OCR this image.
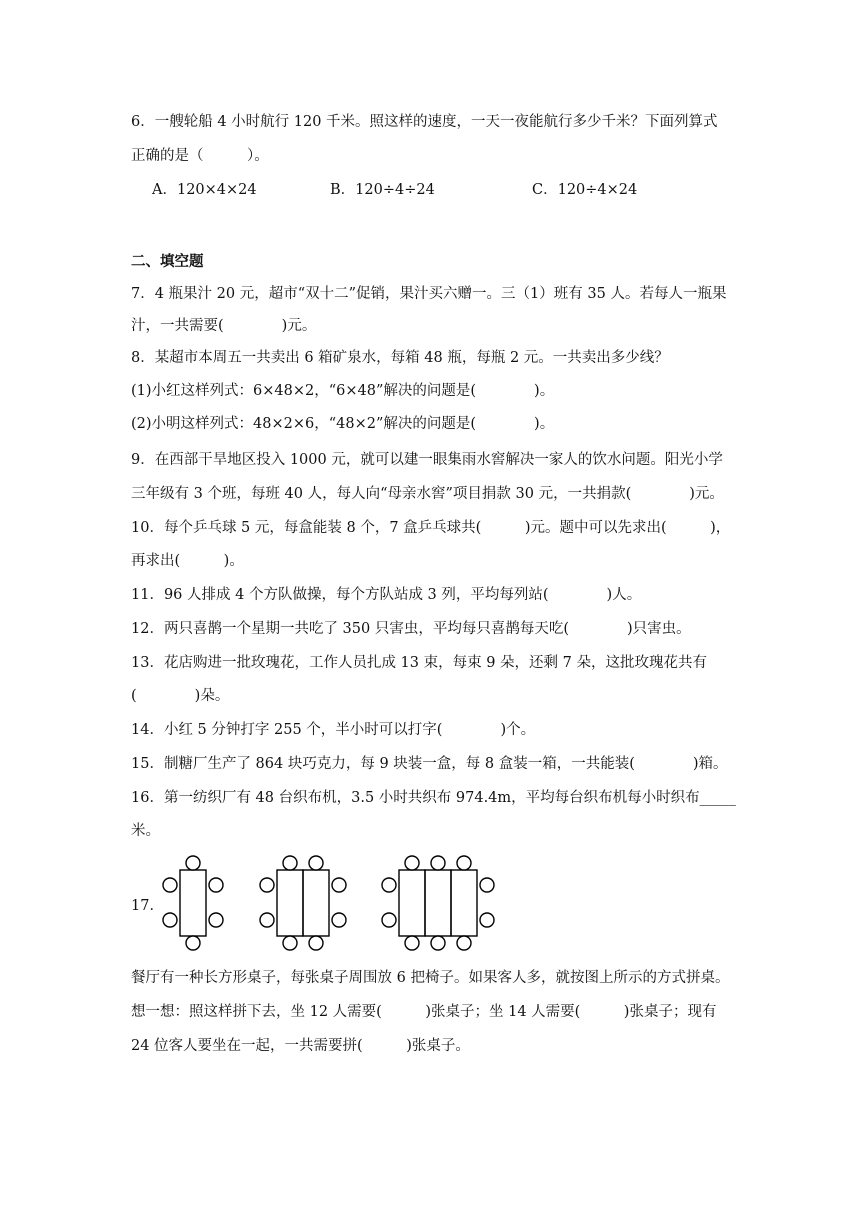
6．一艘轮船 4 小时航行 120 千米。照这样的速度，一天一夜能航行多少千米？下面列算式
正确的是（　　　）。
A．120×4×24	B．120÷4÷24	C．120÷4×24
二、填空题
7．4 瓶果汁 20 元，超市“双十二”促销，果汁买六赠一。三（1）班有 35 人。若每人一瓶果
汁，一共需要(　　　　)元。
8．某超市本周五一共卖出 6 箱矿泉水，每箱 48 瓶，每瓶 2 元。一共卖出多少线？
(1)小红这样列式：6×48×2，“6×48”解决的问题是(　　　　)。
(2)小明这样列式：48×2×6，“48×2”解决的问题是(　　　　)。
9．在西部干旱地区投入 1000 元，就可以建一眼集雨水窖解决一家人的饮水问题。阳光小学
三年级有 3 个班，每班 40 人，每人向“母亲水窖”项目捐款 30 元，一共捐款(　　　　)元。
10．每个乒乓球 5 元，每盒能装 8 个，7 盒乒乓球共(　　　)元。题中可以先求出(　　　)，
再求出(　　　)。
11．96 人排成 4 个方队做操，每个方队站成 3 列，平均每列站(　　　　)人。
12．两只喜鹊一个星期一共吃了 350 只害虫，平均每只喜鹊每天吃(　　　　)只害虫。
13．花店购进一批玫瑰花，工作人员扎成 13 束，每束 9 朵，还剩 7 朵，这批玫瑰花共有
(　　　　)朵。
14．小红 5 分钟打字 255 个，半小时可以打字(　　　　)个。
15．制糖厂生产了 864 块巧克力，每 9 块装一盒，每 8 盒装一箱，一共能装(　　　　)箱。
16．第一纺织厂有 48 台织布机，3.5 小时共织布 974.4m，平均每台织布机每小时织布_____
米。
17．
餐厅有一种长方形桌子，每张桌子周围放 6 把椅子。如果客人多，就按图上所示的方式拼桌。
想一想：照这样拼下去，坐 12 人需要(　　　)张桌子；坐 14 人需要(　　　)张桌子；现有
24 位客人要坐在一起，一共需要拼(　　　)张桌子。
